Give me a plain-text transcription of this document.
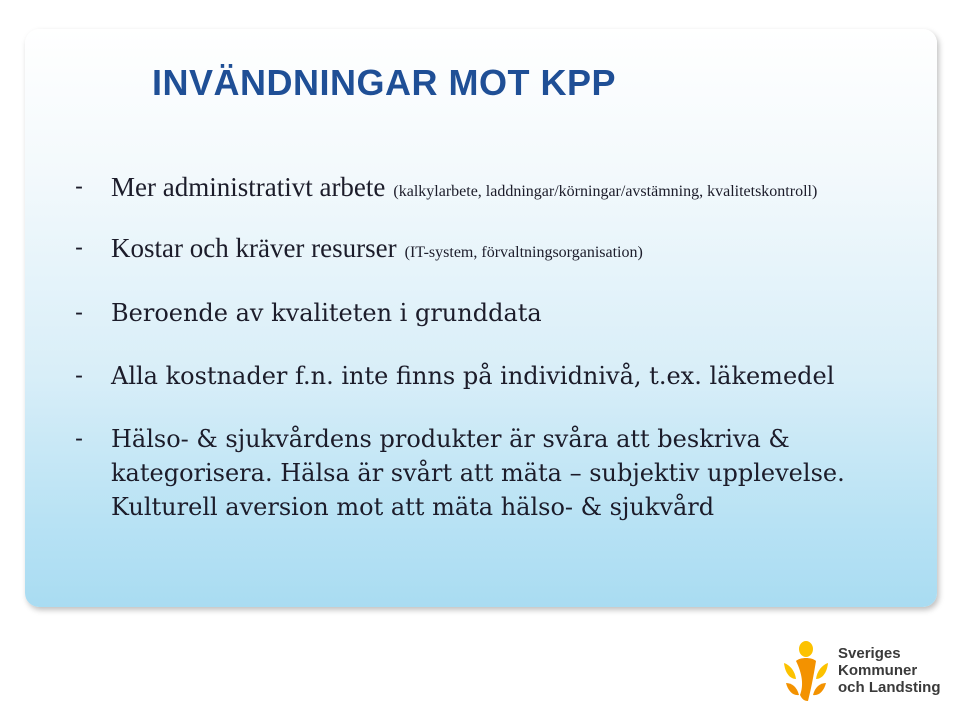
INVÄNDNINGAR MOT KPP
- Mer administrativt arbete (kalkylarbete, laddningar/körningar/avstämning, kvalitetskontroll)
- Kostar och kräver resurser (IT-system, förvaltningsorganisation)
- Beroende av kvaliteten i grunddata
- Alla kostnader f.n. inte finns på individnivå, t.ex. läkemedel
- Hälso- & sjukvårdens produkter är svåra att beskriva &
kategorisera. Hälsa är svårt att mäta – subjektiv upplevelse.
Kulturell aversion mot att mäta hälso- & sjukvård
Sveriges
Kommuner
och Landsting
